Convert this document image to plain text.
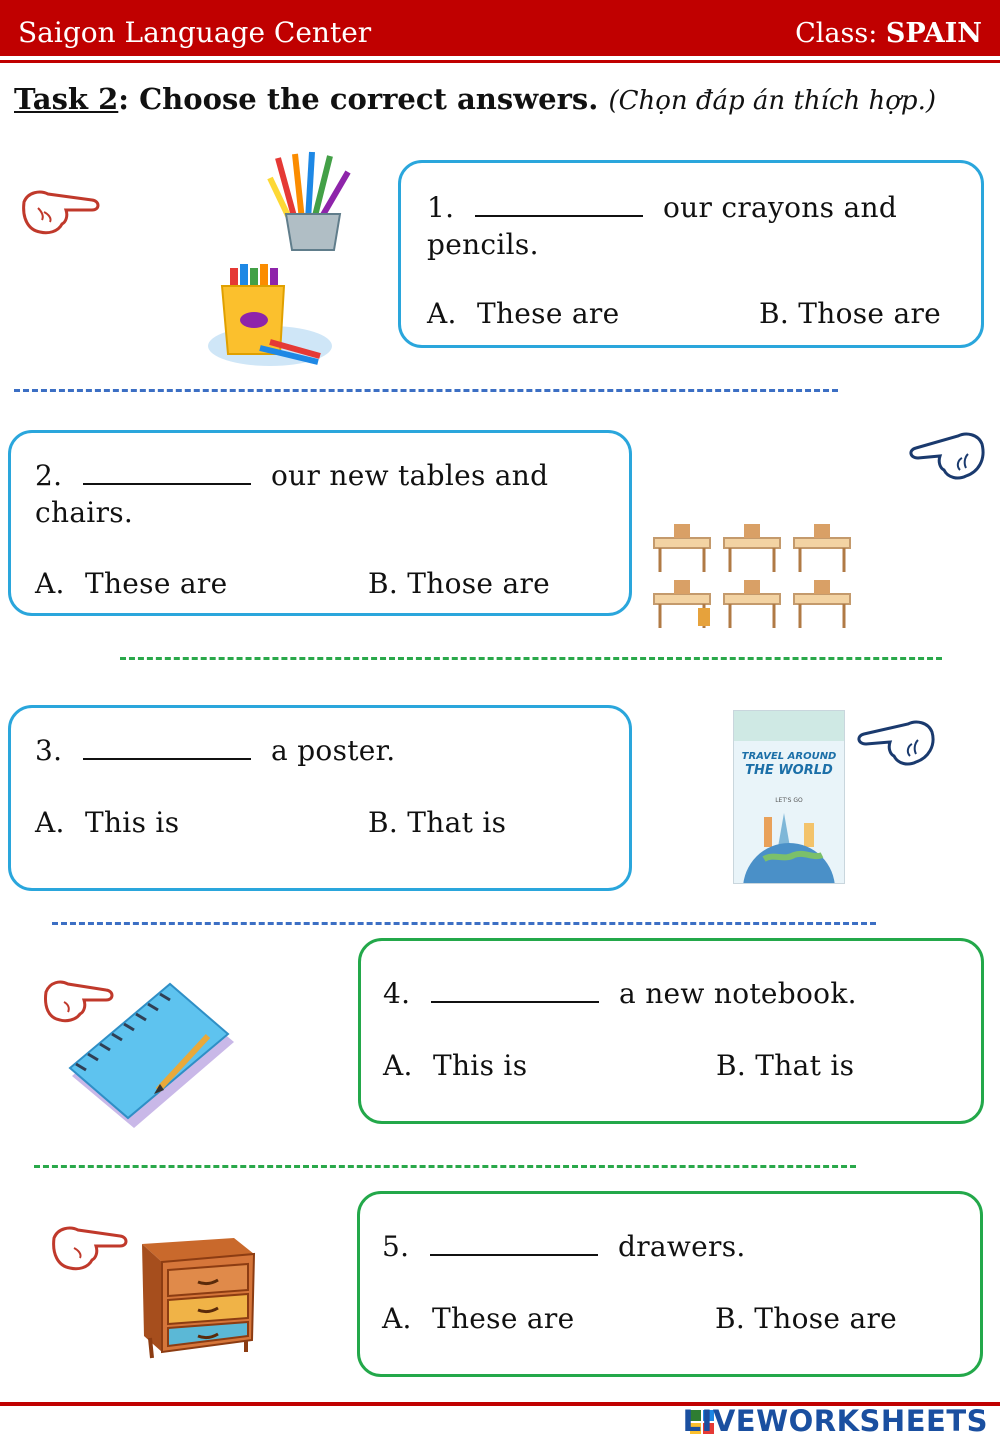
Saigon Language Center	Class: SPAIN
Task 2: Choose the correct answers. (Chọn đáp án thích hợp.)
1.	our crayons and pencils.
A. These are	B. Those are
2.	our new tables and chairs.
A. These are	B. Those are
3.	a poster.
A. This is	B. That is
TRAVEL AROUND
THE WORLD
LET'S GO
4.	a new notebook.
A. This is	B. That is
5.	drawers.
A. These are	B. Those are
LIVEWORKSHEETS
